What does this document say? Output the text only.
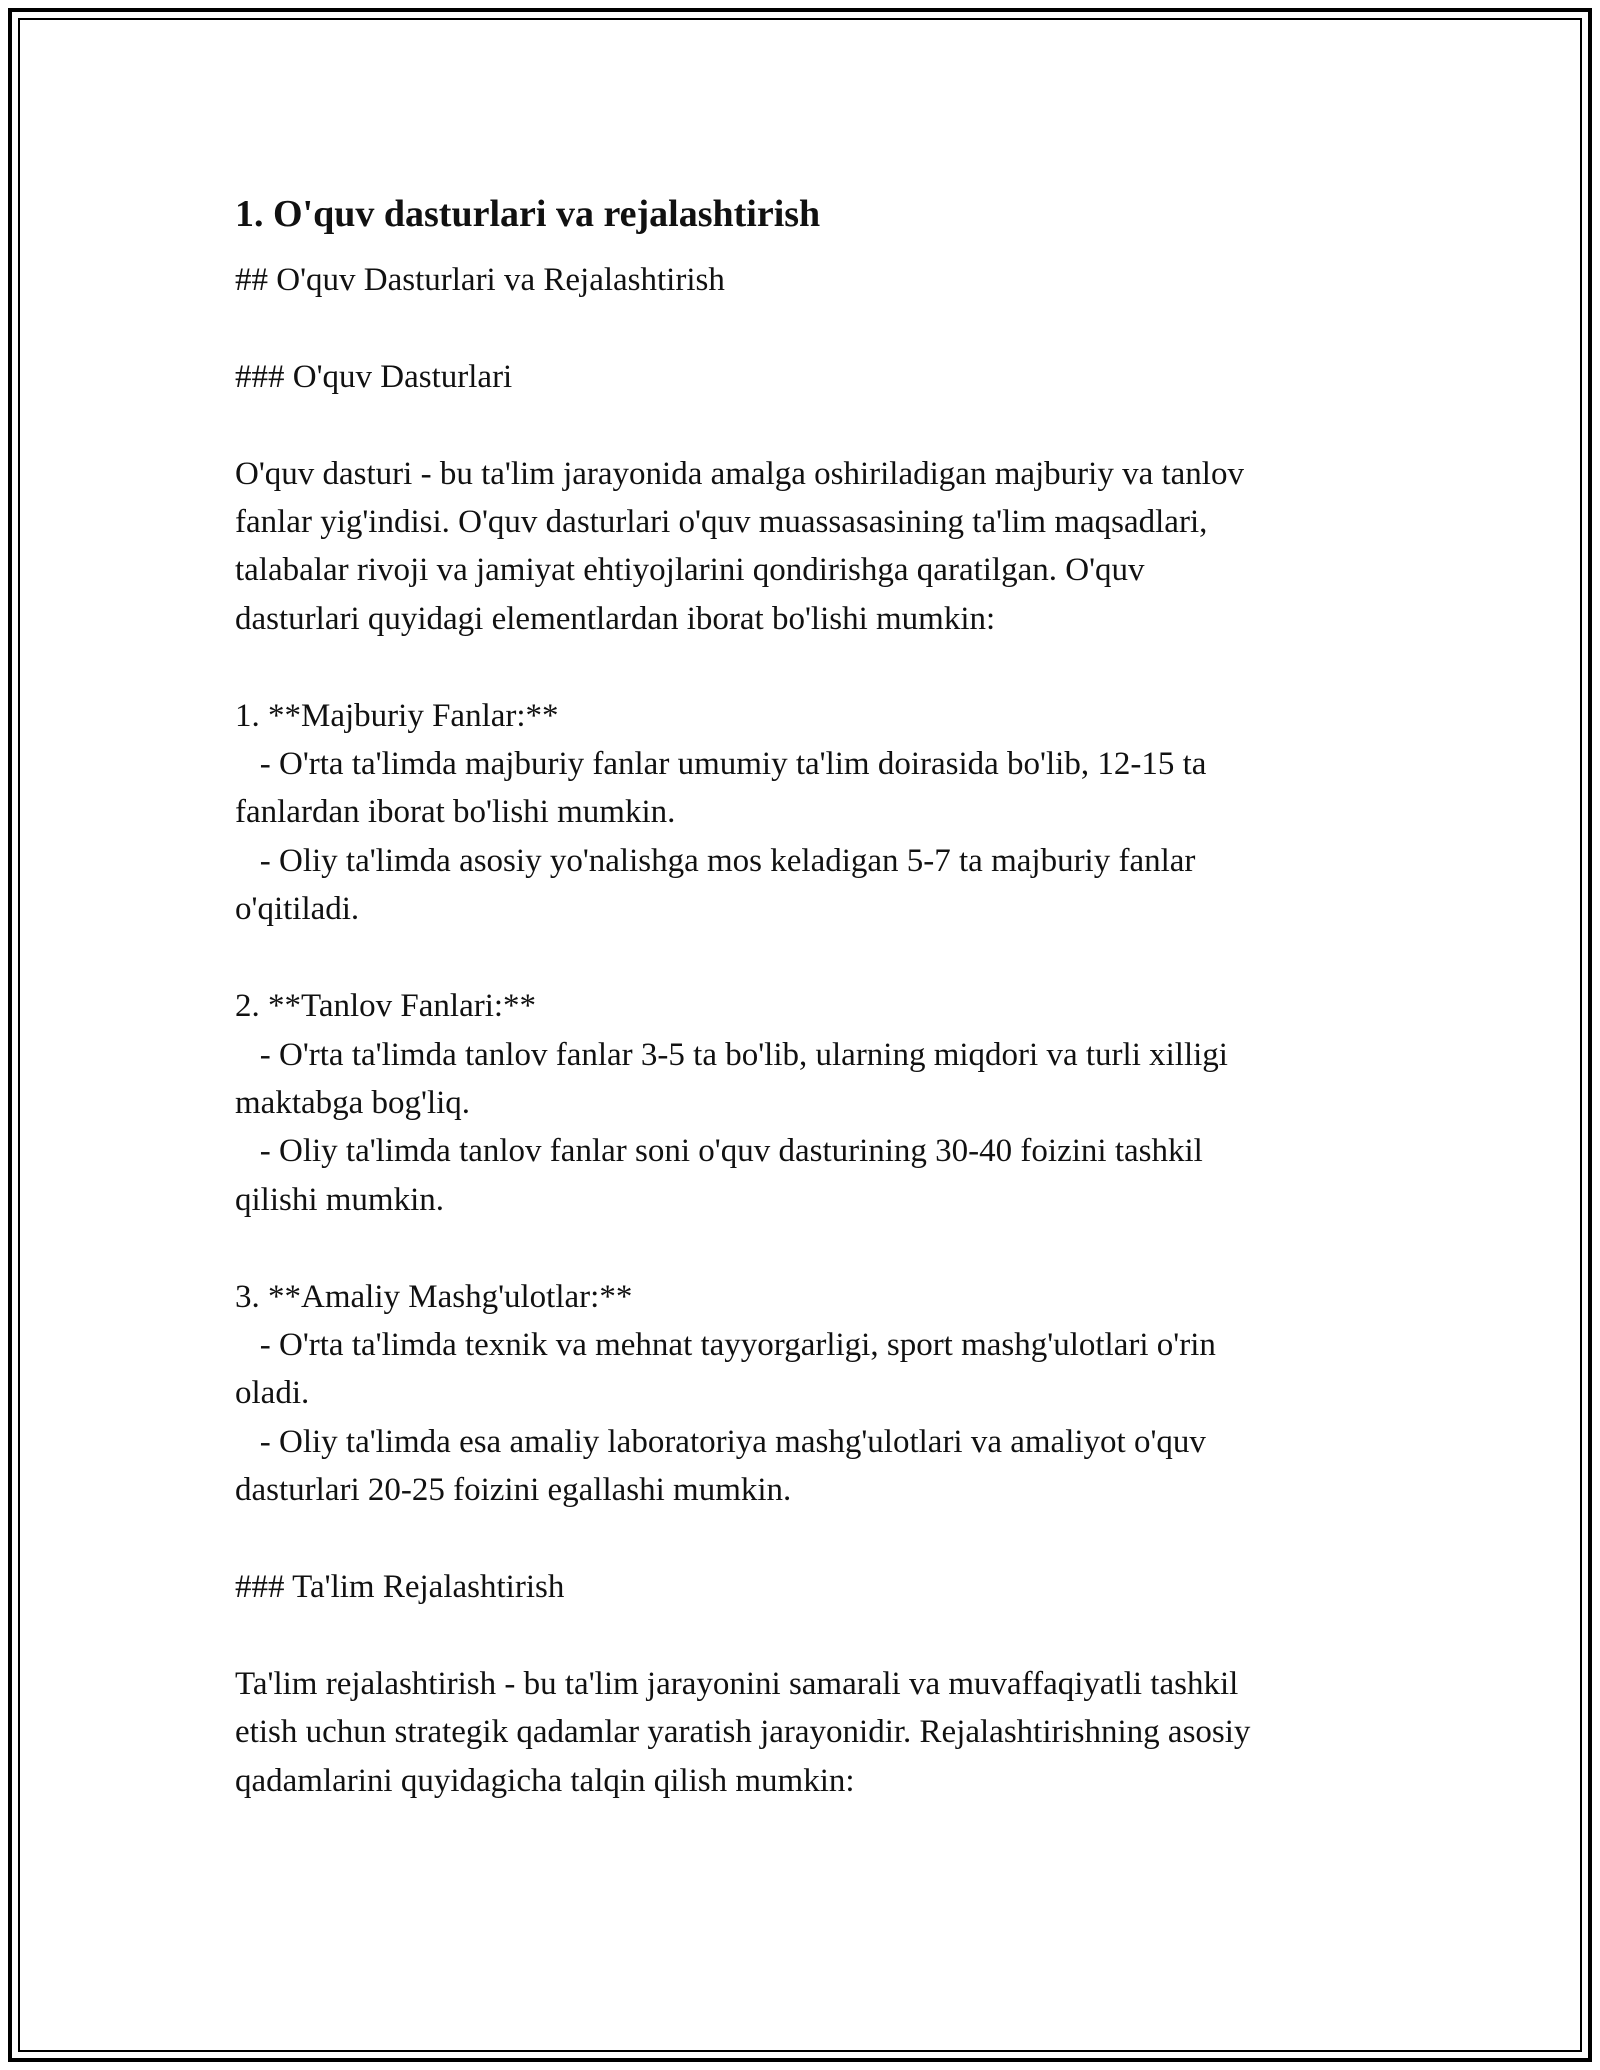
1. O'quv dasturlari va rejalashtirish

## O'quv Dasturlari va Rejalashtirish

### O'quv Dasturlari

O'quv dasturi - bu ta'lim jarayonida amalga oshiriladigan majburiy va tanlov

fanlar yig'indisi. O'quv dasturlari o'quv muassasasining ta'lim maqsadlari,

talabalar rivoji va jamiyat ehtiyojlarini qondirishga qaratilgan. O'quv

dasturlari quyidagi elementlardan iborat bo'lishi mumkin:

1. **Majburiy Fanlar:**

- O'rta ta'limda majburiy fanlar umumiy ta'lim doirasida bo'lib, 12-15 ta

fanlardan iborat bo'lishi mumkin.

- Oliy ta'limda asosiy yo'nalishga mos keladigan 5-7 ta majburiy fanlar

o'qitiladi.

2. **Tanlov Fanlari:**

- O'rta ta'limda tanlov fanlar 3-5 ta bo'lib, ularning miqdori va turli xilligi

maktabga bog'liq.

- Oliy ta'limda tanlov fanlar soni o'quv dasturining 30-40 foizini tashkil

qilishi mumkin.

3. **Amaliy Mashg'ulotlar:**

- O'rta ta'limda texnik va mehnat tayyorgarligi, sport mashg'ulotlari o'rin

oladi.

- Oliy ta'limda esa amaliy laboratoriya mashg'ulotlari va amaliyot o'quv

dasturlari 20-25 foizini egallashi mumkin.

### Ta'lim Rejalashtirish

Ta'lim rejalashtirish - bu ta'lim jarayonini samarali va muvaffaqiyatli tashkil

etish uchun strategik qadamlar yaratish jarayonidir. Rejalashtirishning asosiy

qadamlarini quyidagicha talqin qilish mumkin:
